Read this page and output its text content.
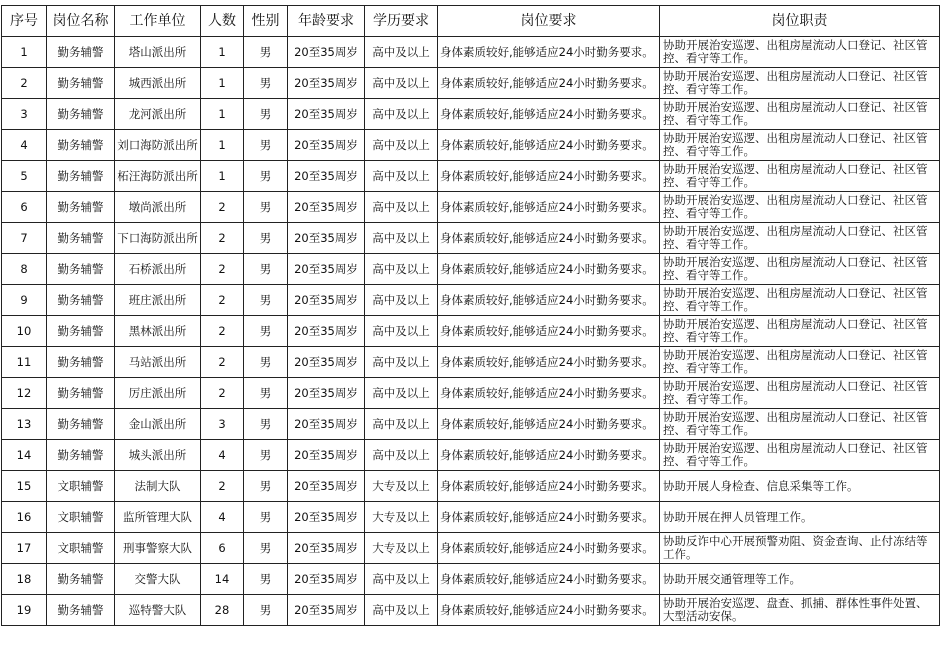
序号	岗位名称	工作单位	人数	性别	年龄要求	学历要求	岗位要求	岗位职责
1	勤务辅警	塔山派出所	1	男	20至35周岁	高中及以上	身体素质较好,能够适应24小时勤务要求。	协助开展治安巡逻、出租房屋流动人口登记、社区管控、看守等工作。
2	勤务辅警	城西派出所	1	男	20至35周岁	高中及以上	身体素质较好,能够适应24小时勤务要求。	协助开展治安巡逻、出租房屋流动人口登记、社区管控、看守等工作。
3	勤务辅警	龙河派出所	1	男	20至35周岁	高中及以上	身体素质较好,能够适应24小时勤务要求。	协助开展治安巡逻、出租房屋流动人口登记、社区管控、看守等工作。
4	勤务辅警	刘口海防派出所	1	男	20至35周岁	高中及以上	身体素质较好,能够适应24小时勤务要求。	协助开展治安巡逻、出租房屋流动人口登记、社区管控、看守等工作。
5	勤务辅警	柘汪海防派出所	1	男	20至35周岁	高中及以上	身体素质较好,能够适应24小时勤务要求。	协助开展治安巡逻、出租房屋流动人口登记、社区管控、看守等工作。
6	勤务辅警	墩尚派出所	2	男	20至35周岁	高中及以上	身体素质较好,能够适应24小时勤务要求。	协助开展治安巡逻、出租房屋流动人口登记、社区管控、看守等工作。
7	勤务辅警	下口海防派出所	2	男	20至35周岁	高中及以上	身体素质较好,能够适应24小时勤务要求。	协助开展治安巡逻、出租房屋流动人口登记、社区管控、看守等工作。
8	勤务辅警	石桥派出所	2	男	20至35周岁	高中及以上	身体素质较好,能够适应24小时勤务要求。	协助开展治安巡逻、出租房屋流动人口登记、社区管控、看守等工作。
9	勤务辅警	班庄派出所	2	男	20至35周岁	高中及以上	身体素质较好,能够适应24小时勤务要求。	协助开展治安巡逻、出租房屋流动人口登记、社区管控、看守等工作。
10	勤务辅警	黑林派出所	2	男	20至35周岁	高中及以上	身体素质较好,能够适应24小时勤务要求。	协助开展治安巡逻、出租房屋流动人口登记、社区管控、看守等工作。
11	勤务辅警	马站派出所	2	男	20至35周岁	高中及以上	身体素质较好,能够适应24小时勤务要求。	协助开展治安巡逻、出租房屋流动人口登记、社区管控、看守等工作。
12	勤务辅警	厉庄派出所	2	男	20至35周岁	高中及以上	身体素质较好,能够适应24小时勤务要求。	协助开展治安巡逻、出租房屋流动人口登记、社区管控、看守等工作。
13	勤务辅警	金山派出所	3	男	20至35周岁	高中及以上	身体素质较好,能够适应24小时勤务要求。	协助开展治安巡逻、出租房屋流动人口登记、社区管控、看守等工作。
14	勤务辅警	城头派出所	4	男	20至35周岁	高中及以上	身体素质较好,能够适应24小时勤务要求。	协助开展治安巡逻、出租房屋流动人口登记、社区管控、看守等工作。
15	文职辅警	法制大队	2	男	20至35周岁	大专及以上	身体素质较好,能够适应24小时勤务要求。	协助开展人身检查、信息采集等工作。
16	文职辅警	监所管理大队	4	男	20至35周岁	大专及以上	身体素质较好,能够适应24小时勤务要求。	协助开展在押人员管理工作。
17	文职辅警	刑事警察大队	6	男	20至35周岁	大专及以上	身体素质较好,能够适应24小时勤务要求。	协助反诈中心开展预警劝阻、资金查询、止付冻结等工作。
18	勤务辅警	交警大队	14	男	20至35周岁	高中及以上	身体素质较好,能够适应24小时勤务要求。	协助开展交通管理等工作。
19	勤务辅警	巡特警大队	28	男	20至35周岁	高中及以上	身体素质较好,能够适应24小时勤务要求。	协助开展治安巡逻、盘查、抓捕、群体性事件处置、大型活动安保。
